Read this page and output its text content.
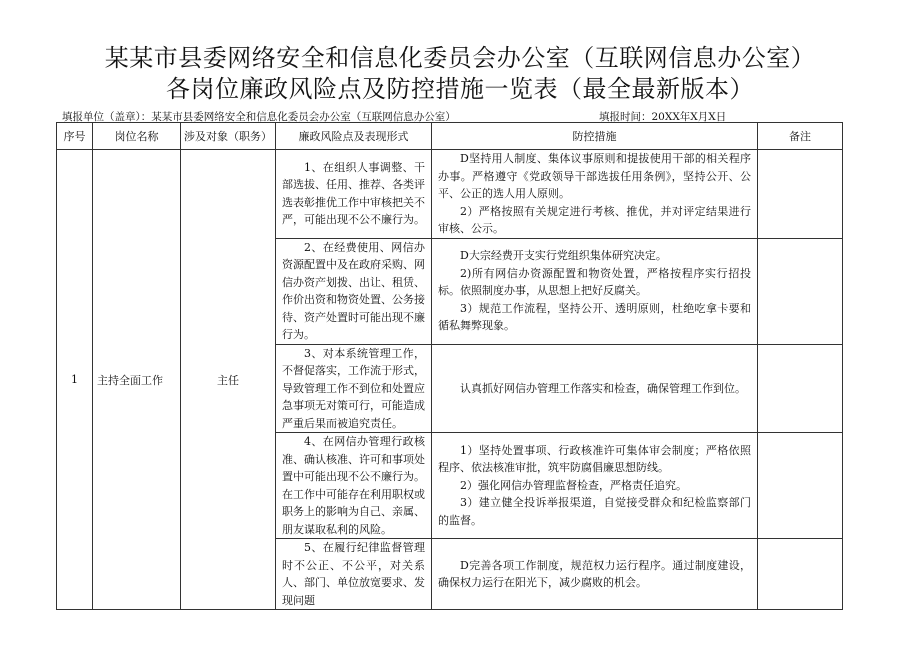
某某市县委网络安全和信息化委员会办公室（互联网信息办公室）
各岗位廉政风险点及防控措施一览表（最全最新版本）
填报单位（盖章）：某某市县委网络安全和信息化委员会办公室（互联网信息办公室）	填报时间：20XX年X月X日
序号	岗位名称	涉及对象（职务）	廉政风险点及表现形式	防控措施	备注
1	主持全面工作	主任	1、在组织人事调整、干部选拔、任用、推荐、各类评选表彰推优工作中审核把关不严，可能出现不公不廉行为。	D坚持用人制度、集体议事原则和提拔使用干部的相关程序办事。严格遵守《党政领导干部选拔任用条例》，坚持公开、公平、公正的选人用人原则。

2）严格按照有关规定进行考核、推优，并对评定结果进行审核、公示。	

			2、在经费使用、网信办资源配置中及在政府采购、网信办资产划拨、出让、租赁、作价出资和物资处置、公务接待、资产处置时可能出现不廉行为。	D大宗经费开支实行党组织集体研究决定。

2)所有网信办资源配置和物资处置，严格按程序实行招投标。依照制度办事，从思想上把好反腐关。

3）规范工作流程，坚持公开、透明原则，杜绝吃拿卡要和循私舞弊现象。	

			3、对本系统管理工作，不督促落实，工作流于形式，导致管理工作不到位和处置应急事项无对策可行，可能造成严重后果而被追究责任。	认真抓好网信办管理工作落实和检查，确保管理工作到位。	

			4、在网信办管理行政核准、确认核准、许可和事项处置中可能出现不公不廉行为。在工作中可能存在利用职权或职务上的影响为自己、亲属、朋友谋取私利的风险。	1）坚持处置事项、行政核准许可集体审会制度；严格依照程序、依法核准审批，筑牢防腐倡廉思想防线。

2）强化网信办管理监督检查，严格责任追究。

3）建立健全投诉举报渠道，自觉接受群众和纪检监察部门的监督。	

			5、在履行纪律监督管理时不公正、不公平，对关系人、部门、单位放宽要求、发现问题	D完善各项工作制度，规范权力运行程序。通过制度建设，确保权力运行在阳光下，减少腐败的机会。	
